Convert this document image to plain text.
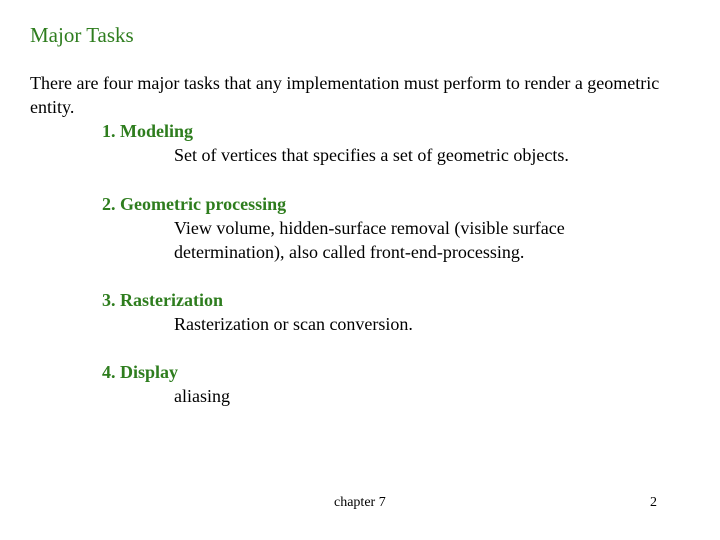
Major Tasks
There are four major tasks that any implementation must perform to render a geometric entity.
1. Modeling
Set of vertices that specifies a set of geometric objects.
2. Geometric processing
View volume, hidden-surface removal (visible surface determination), also called front-end-processing.
3. Rasterization
Rasterization or scan conversion.
4. Display
aliasing
chapter 7	2
